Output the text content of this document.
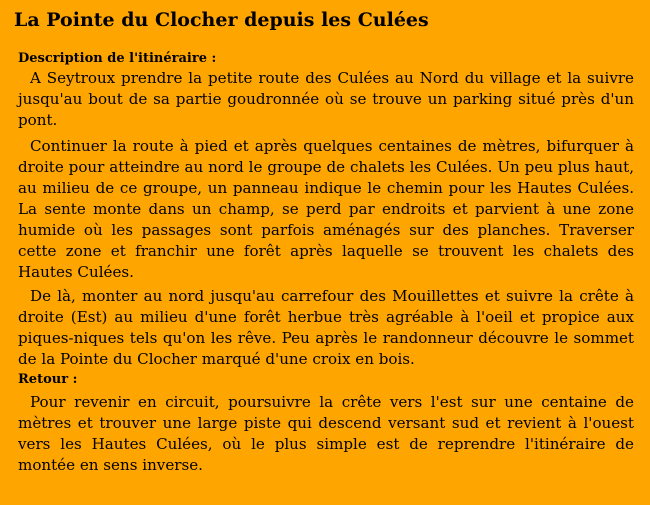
La Pointe du Clocher depuis les Culées

Description de l'itinéraire :

A Seytroux prendre la petite route des Culées au Nord du village et la suivre jusqu'au bout de sa partie goudronnée où se trouve un parking situé près d'un pont.

Continuer la route à pied et après quelques centaines de mètres, bifurquer à droite pour atteindre au nord le groupe de chalets les Culées. Un peu plus haut, au milieu de ce groupe, un panneau indique le chemin pour les Hautes Culées. La sente monte dans un champ, se perd par endroits et parvient à une zone humide où les passages sont parfois aménagés sur des planches. Traverser cette zone et franchir une forêt après laquelle se trouvent les chalets des Hautes Culées.

De là, monter au nord jusqu'au carrefour des Mouillettes et suivre la crête à droite (Est) au milieu d'une forêt herbue très agréable à l'oeil et propice aux piques-niques tels qu'on les rêve. Peu après le randonneur découvre le sommet de la Pointe du Clocher marqué d'une croix en bois.

Retour :

Pour revenir en circuit, poursuivre la crête vers l'est sur une centaine de mètres et trouver une large piste qui descend versant sud et revient à l'ouest vers les Hautes Culées, où le plus simple est de reprendre l'itinéraire de montée en sens inverse.
